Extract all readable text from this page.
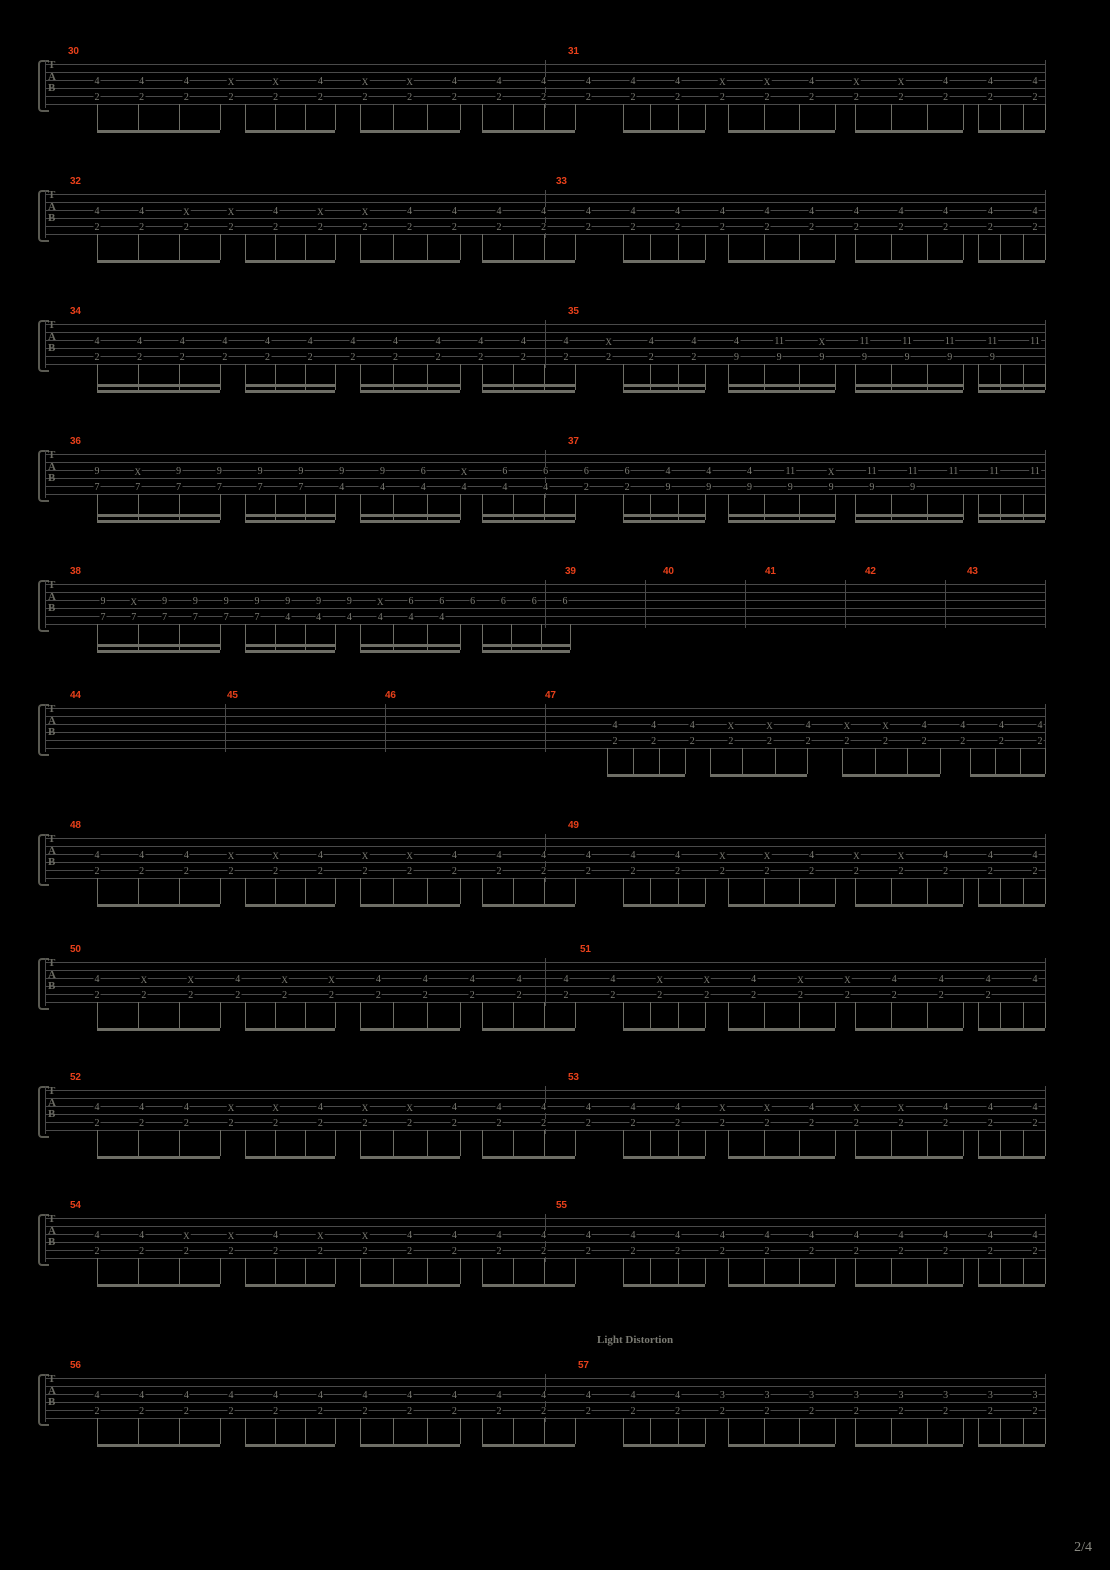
30	31
4	4	4	X	X	4	X	X	4	4	4	4	4	4	X	X	4	X	X	4	4	4
2	2	2	2	2	2	2	2	2	2	2	2	2	2	2	2	2	2	2	2	2	2
T
A
B
32	33
4	4	X	X	4	X	X	4	4	4	4	4	4	4	4	4	4	4	4	4	4	4
2	2	2	2	2	2	2	2	2	2	2	2	2	2	2	2	2	2	2	2	2	2
T
A
B
34	35
4	4	4	4	4	4	4	4	4	4	4	4	X	4	4	4	11	X	11	11	11	11	11
2	2	2	2	2	2	2	2	2	2	2	2	2	2	2	9	9	9	9	9	9	9
T
A
B
36	37
9	X	9	9	9	9	9	9	6	X	6	6	6	6	4	4	4	11	X	11	11	11	11	11
7	7	7	7	7	7	4	4	4	4	4	4	2	2	9	9	9	9	9	9	9
T
A
B
38	39	40	41	42	43
9	X	9	9	9	9	9	9	9	X	6	6	6	6	6	6
7	7	7	7	7	7	4	4	4	4	4	4
T
A
B
44	45	46	47
4	4	4	X	X	4	X	X	4	4	4	4
2	2	2	2	2	2	2	2	2	2	2	2
T
A
B
48	49
4	4	4	X	X	4	X	X	4	4	4	4	4	4	X	X	4	X	X	4	4	4
2	2	2	2	2	2	2	2	2	2	2	2	2	2	2	2	2	2	2	2	2	2
T
A
B
50	51
4	X	X	4	X	X	4	4	4	4	4	4	X	X	4	X	X	4	4	4	4
2	2	2	2	2	2	2	2	2	2	2	2	2	2	2	2	2	2	2	2
T
A
B
52	53
4	4	4	X	X	4	X	X	4	4	4	4	4	4	X	X	4	X	X	4	4	4
2	2	2	2	2	2	2	2	2	2	2	2	2	2	2	2	2	2	2	2	2	2
T
A
B
54	55
4	4	X	X	4	X	X	4	4	4	4	4	4	4	4	4	4	4	4	4	4	4
2	2	2	2	2	2	2	2	2	2	2	2	2	2	2	2	2	2	2	2	2	2
T
A
B
56	57
4	4	4	4	4	4	4	4	4	4	4	4	4	4	3	3	3	3	3	3	3	3
2	2	2	2	2	2	2	2	2	2	2	2	2	2	2	2	2	2	2	2	2	2
T
A
B
Light Distortion
2/4
